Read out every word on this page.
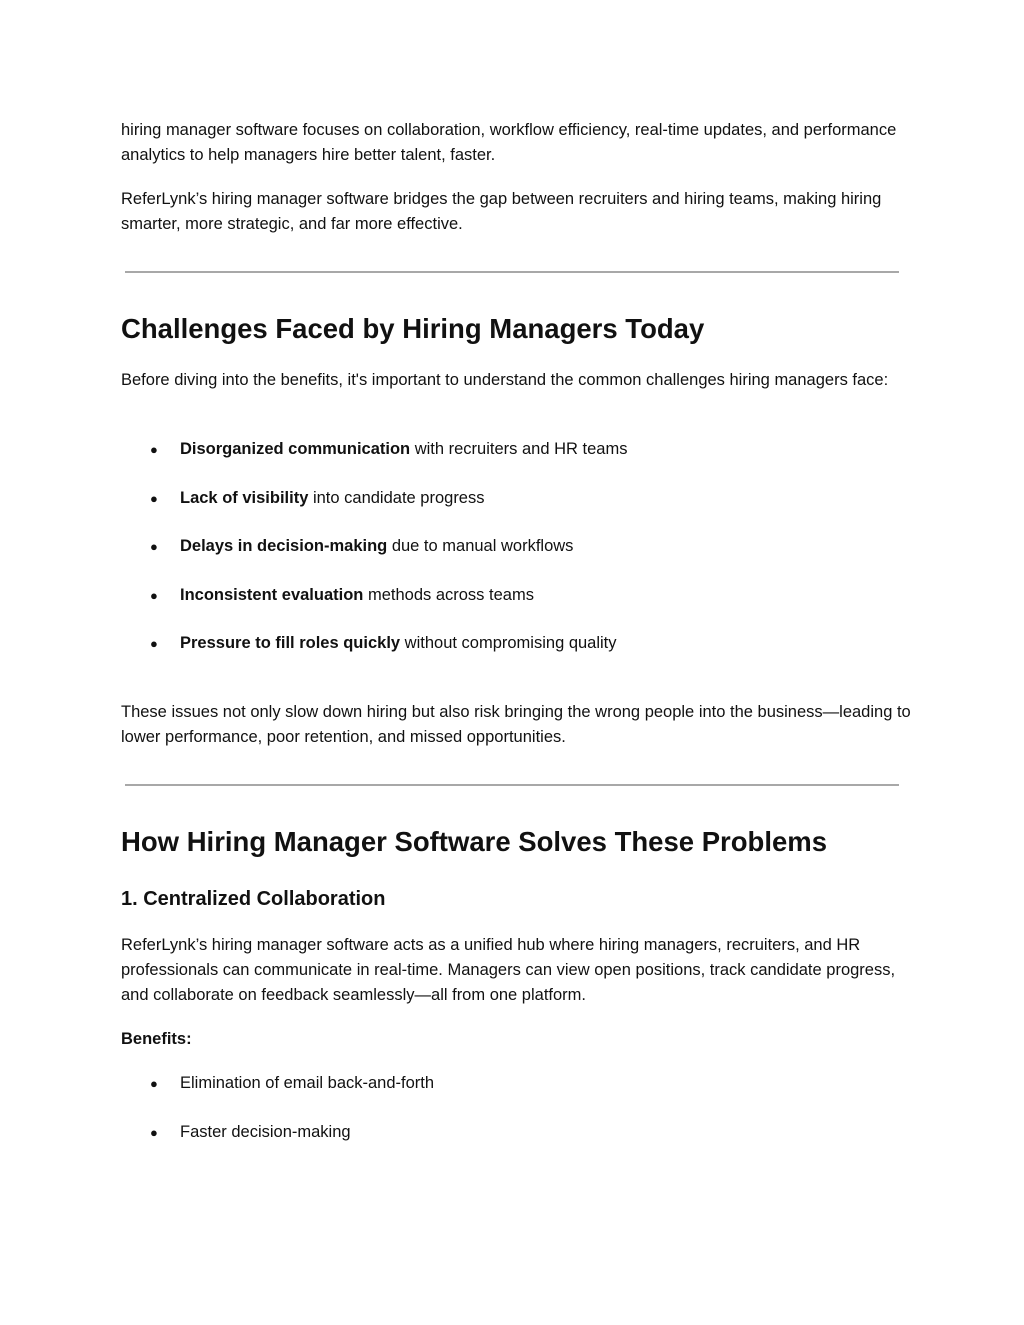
hiring manager software focuses on collaboration, workflow efficiency, real-time updates, and performance analytics to help managers hire better talent, faster.

ReferLynk’s hiring manager software bridges the gap between recruiters and hiring teams, making hiring smarter, more strategic, and far more effective.

Challenges Faced by Hiring Managers Today

Before diving into the benefits, it's important to understand the common challenges hiring managers face:

● Disorganized communication with recruiters and HR teams
● Lack of visibility into candidate progress
● Delays in decision-making due to manual workflows
● Inconsistent evaluation methods across teams
● Pressure to fill roles quickly without compromising quality

These issues not only slow down hiring but also risk bringing the wrong people into the business—leading to lower performance, poor retention, and missed opportunities.

How Hiring Manager Software Solves These Problems
1. Centralized Collaboration

ReferLynk’s hiring manager software acts as a unified hub where hiring managers, recruiters, and HR professionals can communicate in real-time. Managers can view open positions, track candidate progress, and collaborate on feedback seamlessly—all from one platform.

Benefits:

● Elimination of email back-and-forth
● Faster decision-making
